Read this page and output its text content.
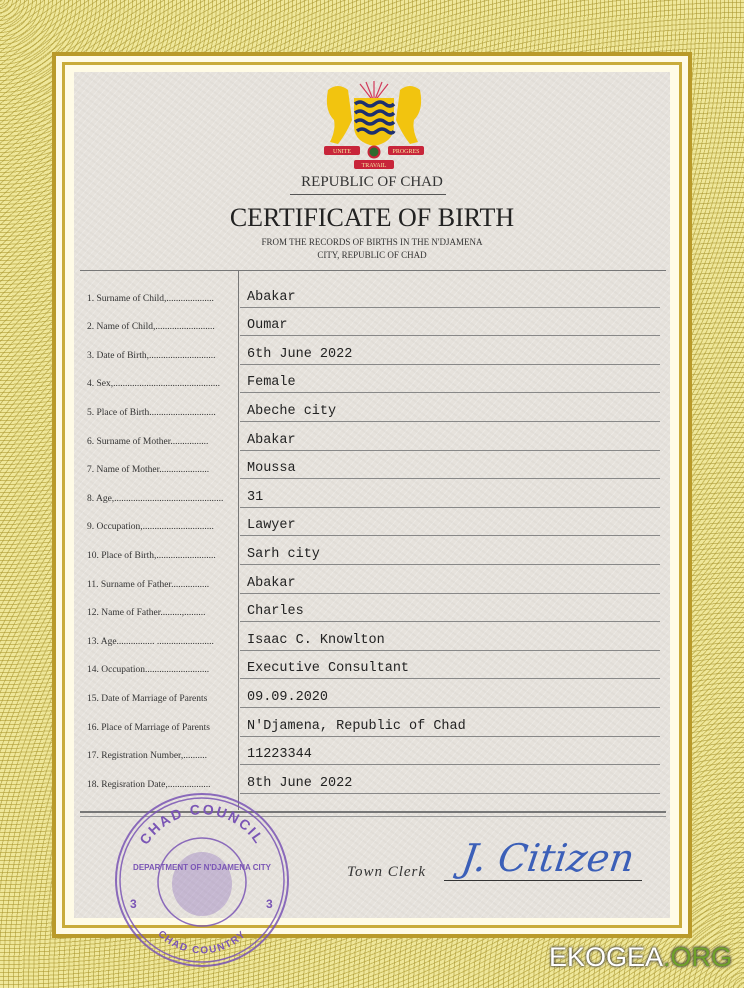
UNITE
TRAVAIL
PROGRES
REPUBLIC OF CHAD
CERTIFICATE OF BIRTH
FROM THE RECORDS OF BIRTHS IN THE N'DJAMENA
CITY, REPUBLIC OF CHAD
1. Surname of Child,.................... Abakar
2. Name of Child,......................... Oumar
3. Date of Birth,............................ 6th June 2022
4. Sex,............................................. Female
5. Place of Birth............................ Abeche city
6. Surname of Mother................	Abakar
7. Name of Mother.....................	Moussa
8. Age,.............................................. 31
9. Occupation,.............................. Lawyer
10. Place of Birth,......................... Sarh city
11. Surname of Father................	Abakar
12. Name of Father.........,.........	Charles
13. Age................ ........................ Isaac C. Knowlton
14. Occupation...........................	Executive Consultant
15. Date of Marriage of Parents	09.09.2020
16. Place of Marriage of Parents	N'Djamena, Republic of Chad
17. Registration Number,..........	11223344
18. Regisration Date,..................	8th June 2022
CHAD COUNCIL
DEPARTMENT OF N'DJAMENA CITY
CHAD COUNTRY
3	3
Town Clerk J. Citizen
EKOGEA.ORG
